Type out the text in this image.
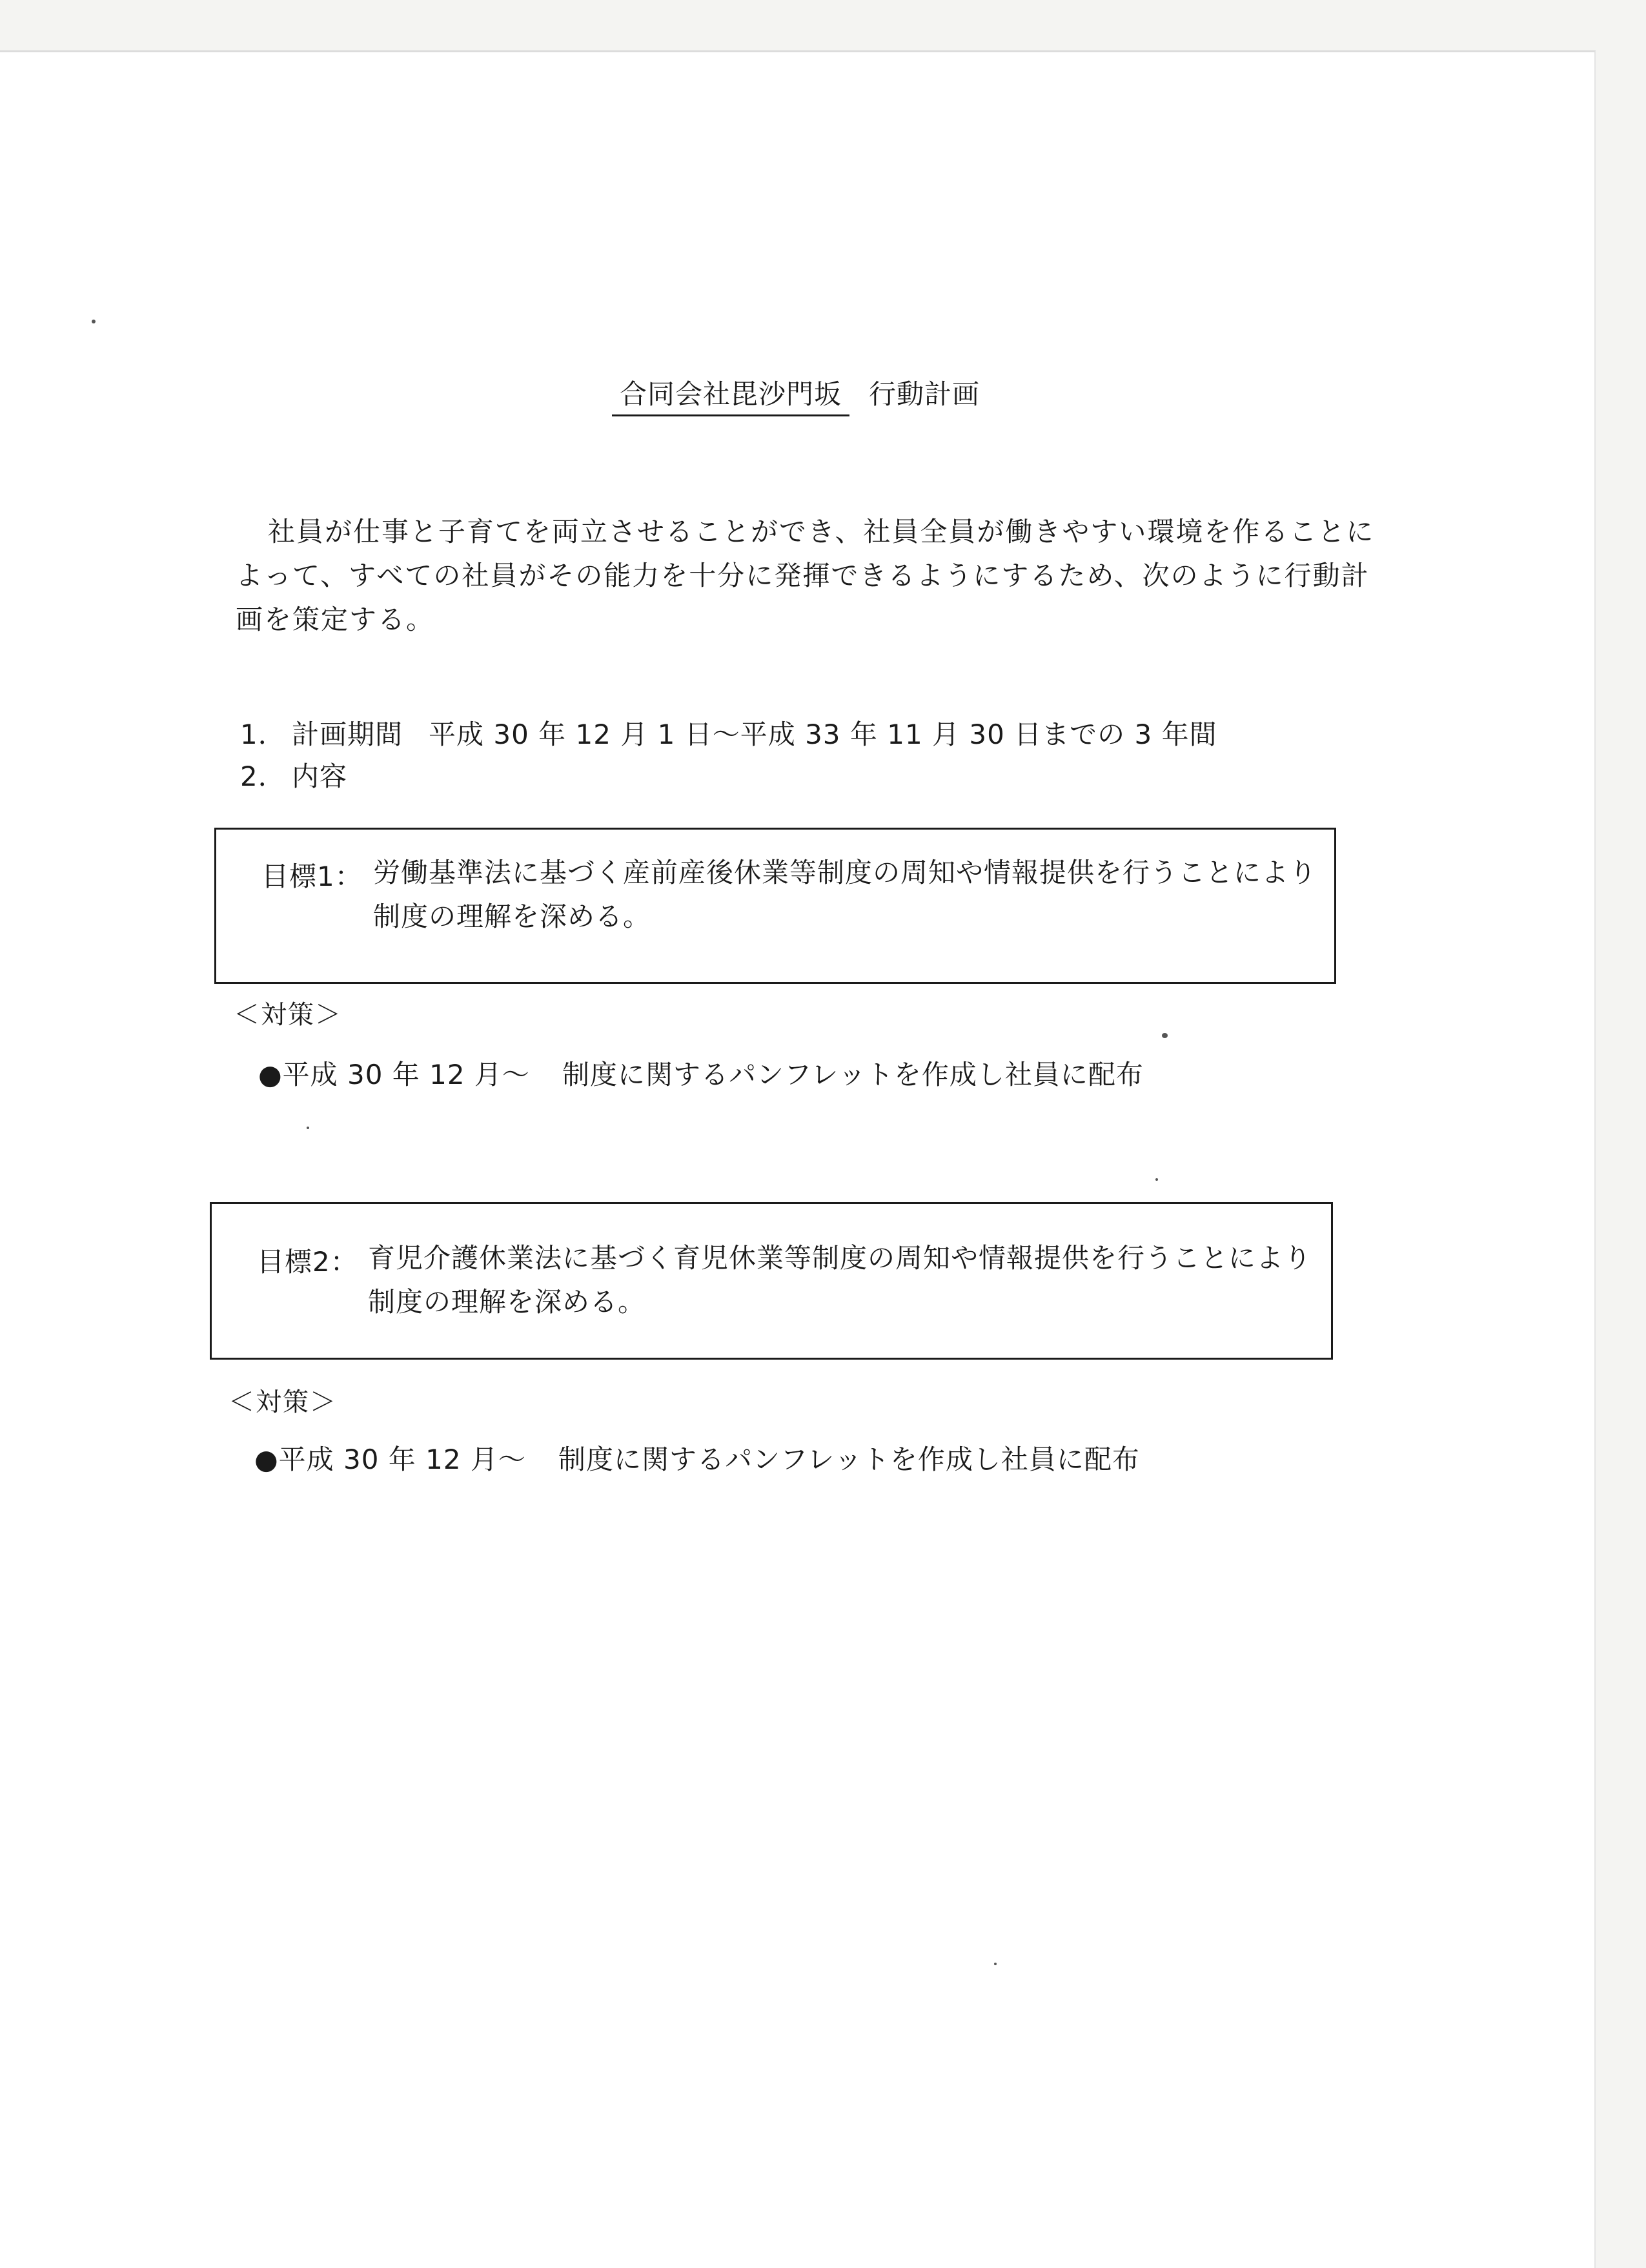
合同会社毘沙門坂 行動計画
社員が仕事と子育てを両立させることができ、社員全員が働きやすい環境を作ることによって、すべての社員がその能力を十分に発揮できるようにするため、次のように行動計画を策定する。
1． 計画期間 平成 30 年 12 月 1 日～平成 33 年 11 月 30 日までの 3 年間
2． 内容
目標1： 労働基準法に基づく産前産後休業等制度の周知や情報提供を行うことにより
制度の理解を深める。
＜対策＞
●平成 30 年 12 月～ 制度に関するパンフレットを作成し社員に配布
目標2： 育児介護休業法に基づく育児休業等制度の周知や情報提供を行うことにより
制度の理解を深める。
＜対策＞
●平成 30 年 12 月～ 制度に関するパンフレットを作成し社員に配布
